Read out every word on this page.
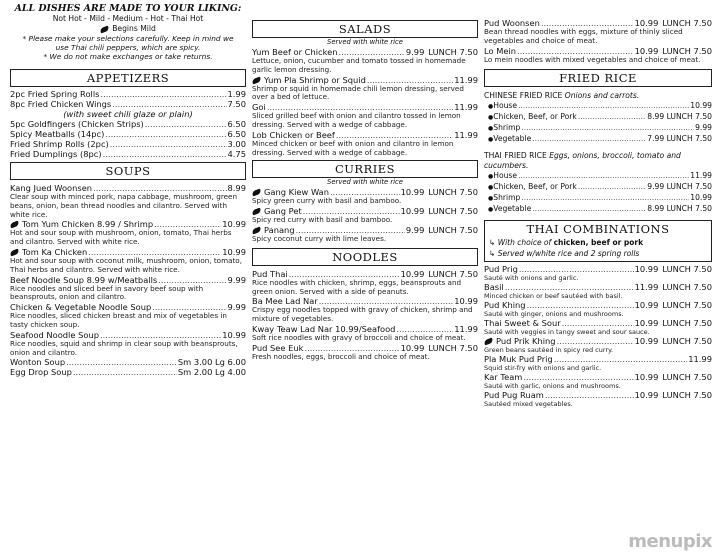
ALL DISHES ARE MADE TO YOUR LIKING:
Not Hot - Mild - Medium - Hot - Thai Hot
Begins Mild
* Please make your selections carefully. Keep in mind we use Thai chili peppers, which are spicy.
* We do not make exchanges or take returns.
APPETIZERS
2pc Fried Spring Rolls .....	1.99
8pc Fried Chicken Wings .....	7.50
(with sweet chili glaze or plain)
5pc Goldfingers (Chicken Strips) .....	6.50
Spicy Meatballs (14pc) .....	6.50
Fried Shrimp Rolls (2pc) .....	3.00
Fried Dumplings (8pc) .....	4.75
SOUPS
Kang Jued Woonsen .....	8.99
Clear soup with minced pork, napa cabbage, mushroom, green beans, onion, bean thread noodles and cilantro. Served with white rice.
Tom Yum Chicken 8.99 / Shrimp .....	10.99
Hot and sour soup with mushroom, onion, tomato, Thai herbs and cilantro. Served with white rice.
Tom Ka Chicken .....	10.99
Hot and sour soup with coconut milk, mushroom, onion, tomato, Thai herbs and cilantro. Served with white rice.
Beef Noodle Soup 8.99 w/Meatballs .....	9.99
Rice noodles and sliced beef in savory beef soup with beansprouts, onion and cilantro.
Chicken & Vegetable Noodle Soup .....	9.99
Rice noodles, sliced chicken breast and mix of vegetables in tasty chicken soup.
Seafood Noodle Soup .....	10.99
Rice noodles, squid and shrimp in clear soup with beansprouts, onion and cilantro.
Wonton Soup .....	Sm 3.00 Lg 6.00
Egg Drop Soup .....	Sm 2.00 Lg 4.00
SALADS
Served with white rice
Yum Beef or Chicken .....	9.99 LUNCH 7.50
Lettuce, onion, cucumber and tomato tossed in homemade garlic lemon dressing.
Yum Pla Shrimp or Squid .....	11.99
Shrimp or squid in homemade chili lemon dressing, served over a bed of lettuce.
Goi .....	11.99
Sliced grilled beef with onion and cilantro tossed in lemon dressing. Served with a wedge of cabbage.
Lob Chicken or Beef .....	11.99
Minced chicken or beef with onion and cilantro in lemon dressing. Served with a wedge of cabbage.
CURRIES
Served with white rice
Gang Kiew Wan .....	10.99 LUNCH 7.50
Spicy green curry with basil and bamboo.
Gang Pet .....	10.99 LUNCH 7.50
Spicy red curry with basil and bamboo.
Panang .....	9.99 LUNCH 7.50
Spicy coconut curry with lime leaves.
NOODLES
Pud Thai .....	10.99 LUNCH 7.50
Rice noodles with chicken, shrimp, eggs, beansprouts and green onion. Served with a side of peanuts.
Ba Mee Lad Nar .....	10.99
Crispy egg noodles topped with gravy of chicken, shrimp and mixture of vegetables.
Kway Teaw Lad Nar 10.99/Seafood .....	11.99
Soft rice noodles with gravy of broccoli and choice of meat.
Pud See Euk .....	10.99 LUNCH 7.50
Fresh noodles, eggs, broccoli and choice of meat.
Pud Woonsen .....	10.99 LUNCH 7.50
Bean thread noodles with eggs, mixture of thinly sliced vegetables and choice of meat.
Lo Mein .....	10.99 LUNCH 7.50
Lo mein noodles with mixed vegetables and choice of meat.
FRIED RICE
CHINESE FRIED RICE Onions and carrots.
● House .....	10.99
● Chicken, Beef, or Pork .....	8.99 LUNCH 7.50
● Shrimp .....	9.99
● Vegetable .....	7.99 LUNCH 7.50
THAI FRIED RICE Eggs, onions, broccoli, tomato and cucumbers.
● House .....	11.99
● Chicken, Beef, or Pork .....	9.99 LUNCH 7.50
● Shrimp .....	10.99
● Vegetable .....	8.99 LUNCH 7.50
THAI COMBINATIONS
↳ With choice of chicken, beef or pork
↳ Served w/white rice and 2 spring rolls
Pud Prig .....	10.99 LUNCH 7.50
Sauté with onions and garlic.
Basil .....	11.99 LUNCH 7.50
Minced chicken or beef sautéed with basil.
Pud Khing .....	10.99 LUNCH 7.50
Sauté with ginger, onions and mushrooms.
Thai Sweet & Sour .....	10.99 LUNCH 7.50
Sauté with veggies in tangy sweet and sour sauce.
Pud Prik Khing .....	10.99 LUNCH 7.50
Green beans sautéed in spicy red curry.
Pla Muk Pud Prig .....	11.99
Squid stir-fry with onions and garlic.
Kar Team .....	10.99 LUNCH 7.50
Sauté with garlic, onions and mushrooms.
Pud Pug Ruam .....	10.99 LUNCH 7.50
Sautéed mixed vegetables.
menupix
